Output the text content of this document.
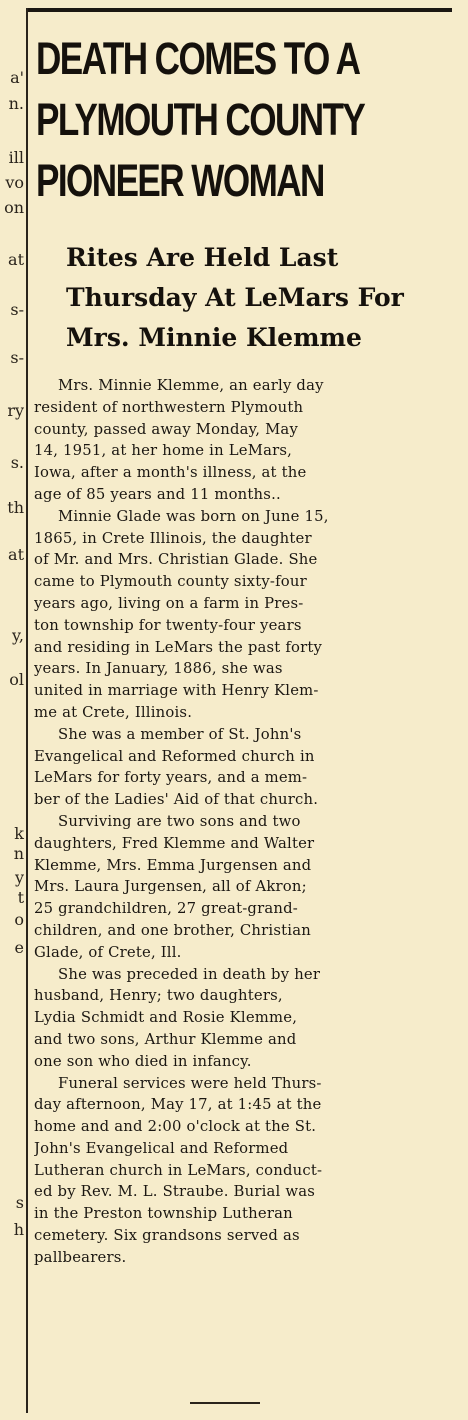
a'
n.
ill
vo
on
at
s-
s-
ry
s.
th
at
y,
ol
k
n
y
t
o
e
s
h
DEATH COMES TO A
PLYMOUTH COUNTY
PIONEER WOMAN
Rites Are Held Last
Thursday At LeMars For
Mrs. Minnie Klemme
Mrs. Minnie Klemme, an early day
resident of northwestern Plymouth
county, passed away Monday, May
14, 1951, at her home in LeMars,
Iowa, after a month's illness, at the
age of 85 years and 11 months..
Minnie Glade was born on June 15,
1865, in Crete Illinois, the daughter
of Mr. and Mrs. Christian Glade. She
came to Plymouth county sixty-four
years ago, living on a farm in Pres-
ton township for twenty-four years
and residing in LeMars the past forty
years. In January, 1886, she was
united in marriage with Henry Klem-
me at Crete, Illinois.
She was a member of St. John's
Evangelical and Reformed church in
LeMars for forty years, and a mem-
ber of the Ladies' Aid of that church.
Surviving are two sons and two
daughters, Fred Klemme and Walter
Klemme, Mrs. Emma Jurgensen and
Mrs. Laura Jurgensen, all of Akron;
25 grandchildren, 27 great-grand-
children, and one brother, Christian
Glade, of Crete, Ill.
She was preceded in death by her
husband, Henry; two daughters,
Lydia Schmidt and Rosie Klemme,
and two sons, Arthur Klemme and
one son who died in infancy.
Funeral services were held Thurs-
day afternoon, May 17, at 1:45 at the
home and and 2:00 o'clock at the St.
John's Evangelical and Reformed
Lutheran church in LeMars, conduct-
ed by Rev. M. L. Straube. Burial was
in the Preston township Lutheran
cemetery. Six grandsons served as
pallbearers.
